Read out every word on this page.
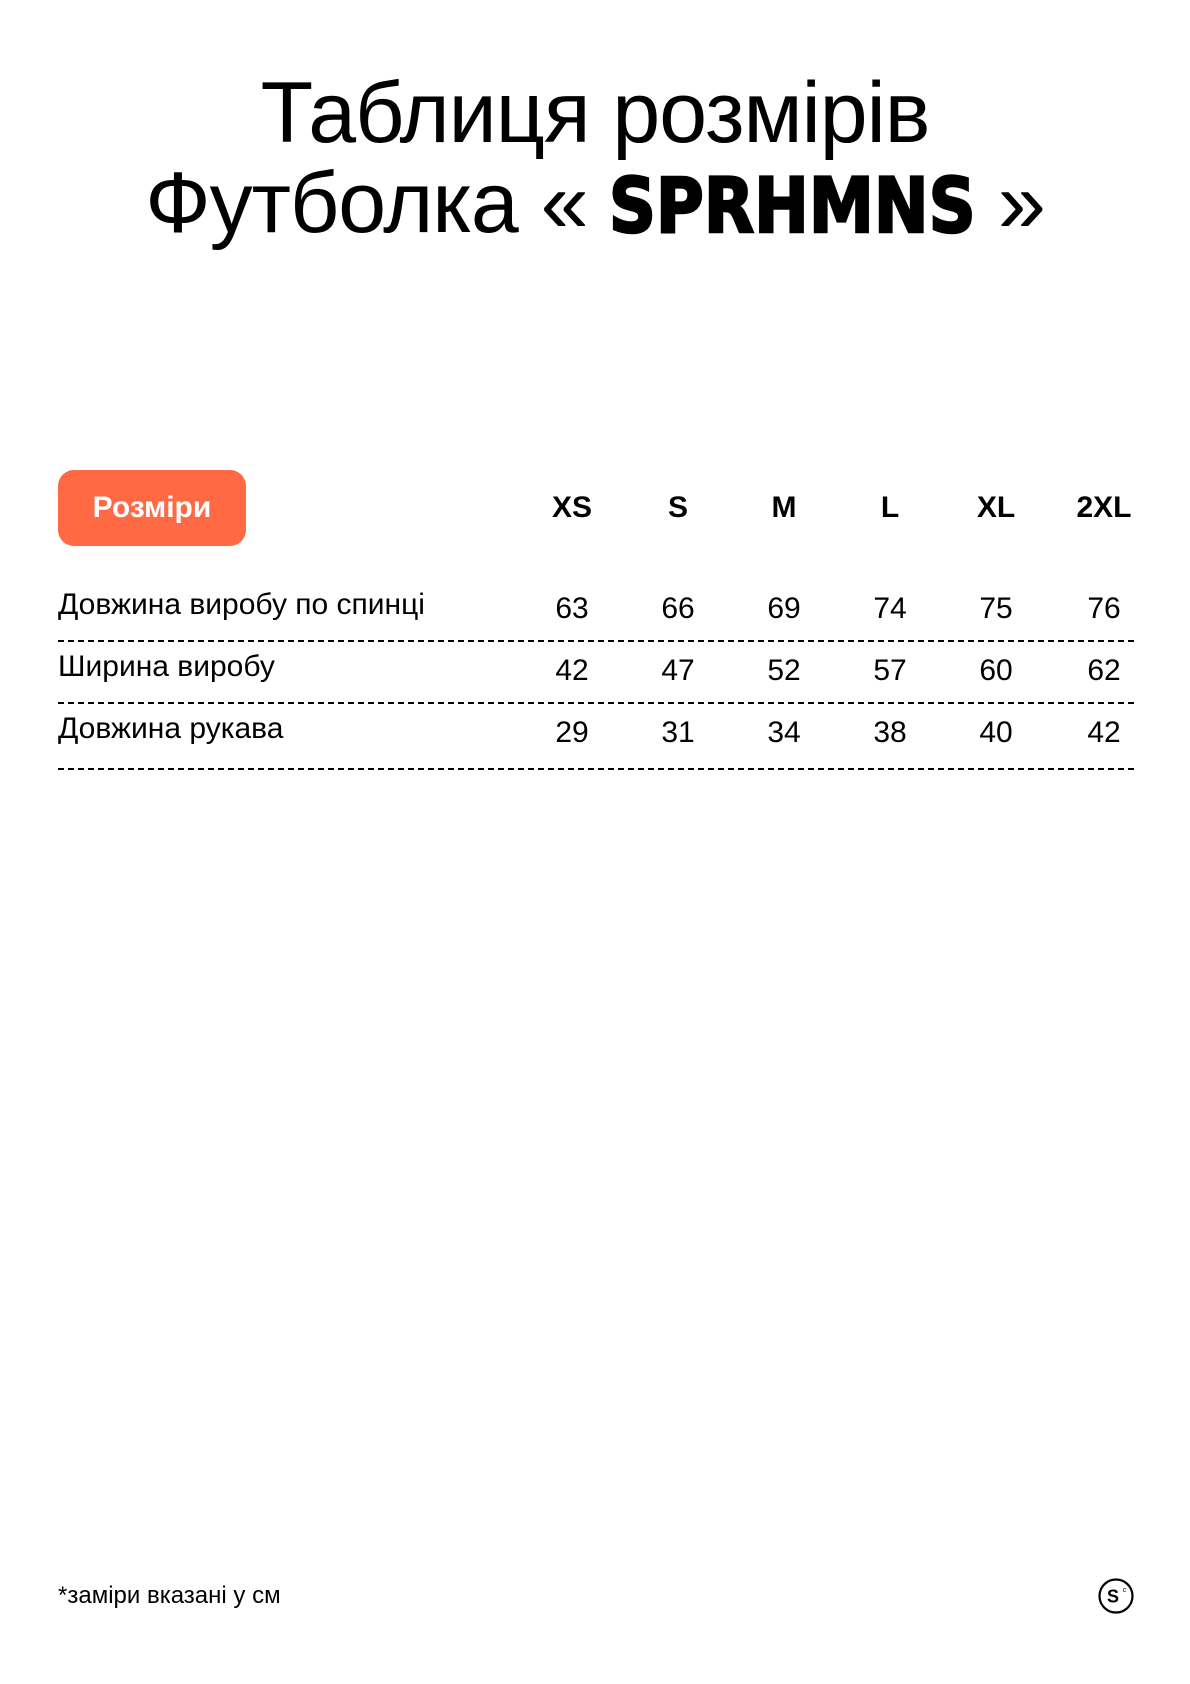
Таблиця розмірів
Футболка « SPRHMNS »
Розміри	XS	S	M	L	XL	2XL
Довжина виробу по спинці	63	66	69	74	75	76
Ширина виробу	42	47	52	57	60	62
Довжина рукава	29	31	34	38	40	42
*заміри вказані у см	S c
